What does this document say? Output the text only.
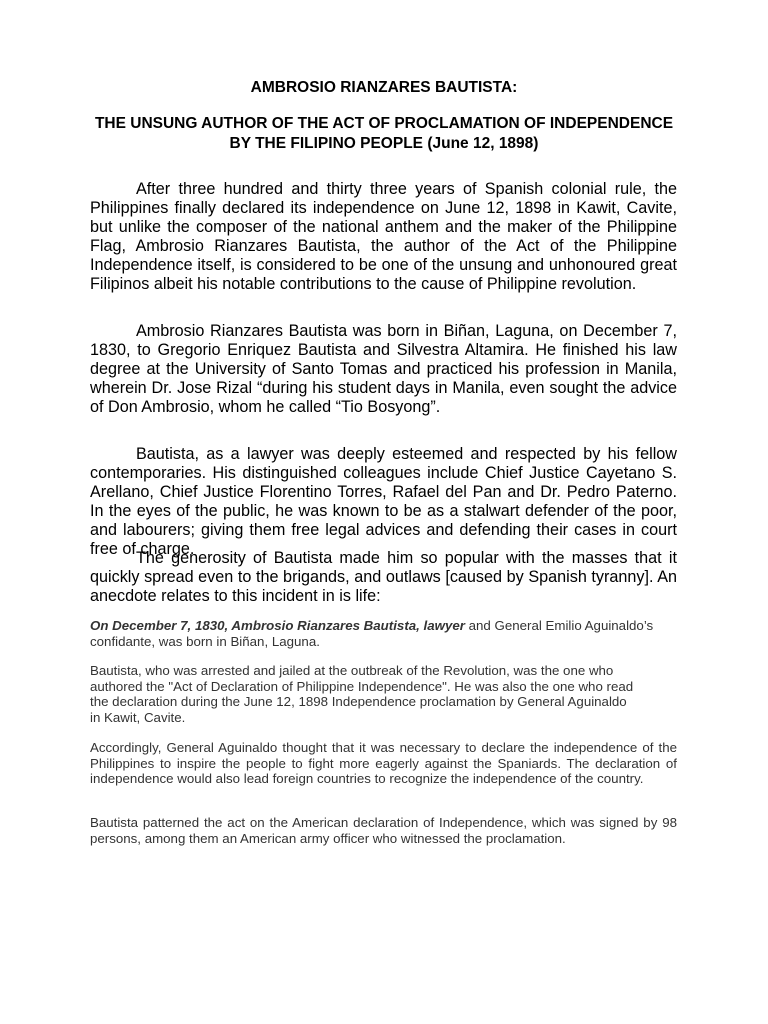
AMBROSIO RIANZARES BAUTISTA:

THE UNSUNG AUTHOR OF THE ACT OF PROCLAMATION OF INDEPENDENCE BY THE FILIPINO PEOPLE (June 12, 1898)

After three hundred and thirty three years of Spanish colonial rule, the Philippines finally declared its independence on June 12, 1898 in Kawit, Cavite, but unlike the composer of the national anthem and the maker of the Philippine Flag, Ambrosio Rianzares Bautista, the author of the Act of the Philippine Independence itself, is considered to be one of the unsung and unhonoured great Filipinos albeit his notable contributions to the cause of Philippine revolution.

Ambrosio Rianzares Bautista was born in Biñan, Laguna, on December 7, 1830, to Gregorio Enriquez Bautista and Silvestra Altamira. He finished his law degree at the University of Santo Tomas and practiced his profession in Manila, wherein Dr. Jose Rizal “during his student days in Manila, even sought the advice of Don Ambrosio, whom he called “Tio Bosyong”.

Bautista, as a lawyer was deeply esteemed and respected by his fellow contemporaries. His distinguished colleagues include Chief Justice Cayetano S. Arellano, Chief Justice Florentino Torres, Rafael del Pan and Dr. Pedro Paterno. In the eyes of the public, he was known to be as a stalwart defender of the poor, and labourers; giving them free legal advices and defending their cases in court free of charge.

The generosity of Bautista made him so popular with the masses that it quickly spread even to the brigands, and outlaws [caused by Spanish tyranny]. An anecdote relates to this incident in is life:

On December 7, 1830, Ambrosio Rianzares Bautista, lawyer and General Emilio Aguinaldo’s confidante, was born in Biñan, Laguna.

Bautista, who was arrested and jailed at the outbreak of the Revolution, was the one who authored the "Act of Declaration of Philippine Independence". He was also the one who read the declaration during the June 12, 1898 Independence proclamation by General Aguinaldo in Kawit, Cavite.

Accordingly, General Aguinaldo thought that it was necessary to declare the independence of the Philippines to inspire the people to fight more eagerly against the Spaniards. The declaration of independence would also lead foreign countries to recognize the independence of the country.

Bautista patterned the act on the American declaration of Independence, which was signed by 98 persons, among them an American army officer who witnessed the proclamation.
